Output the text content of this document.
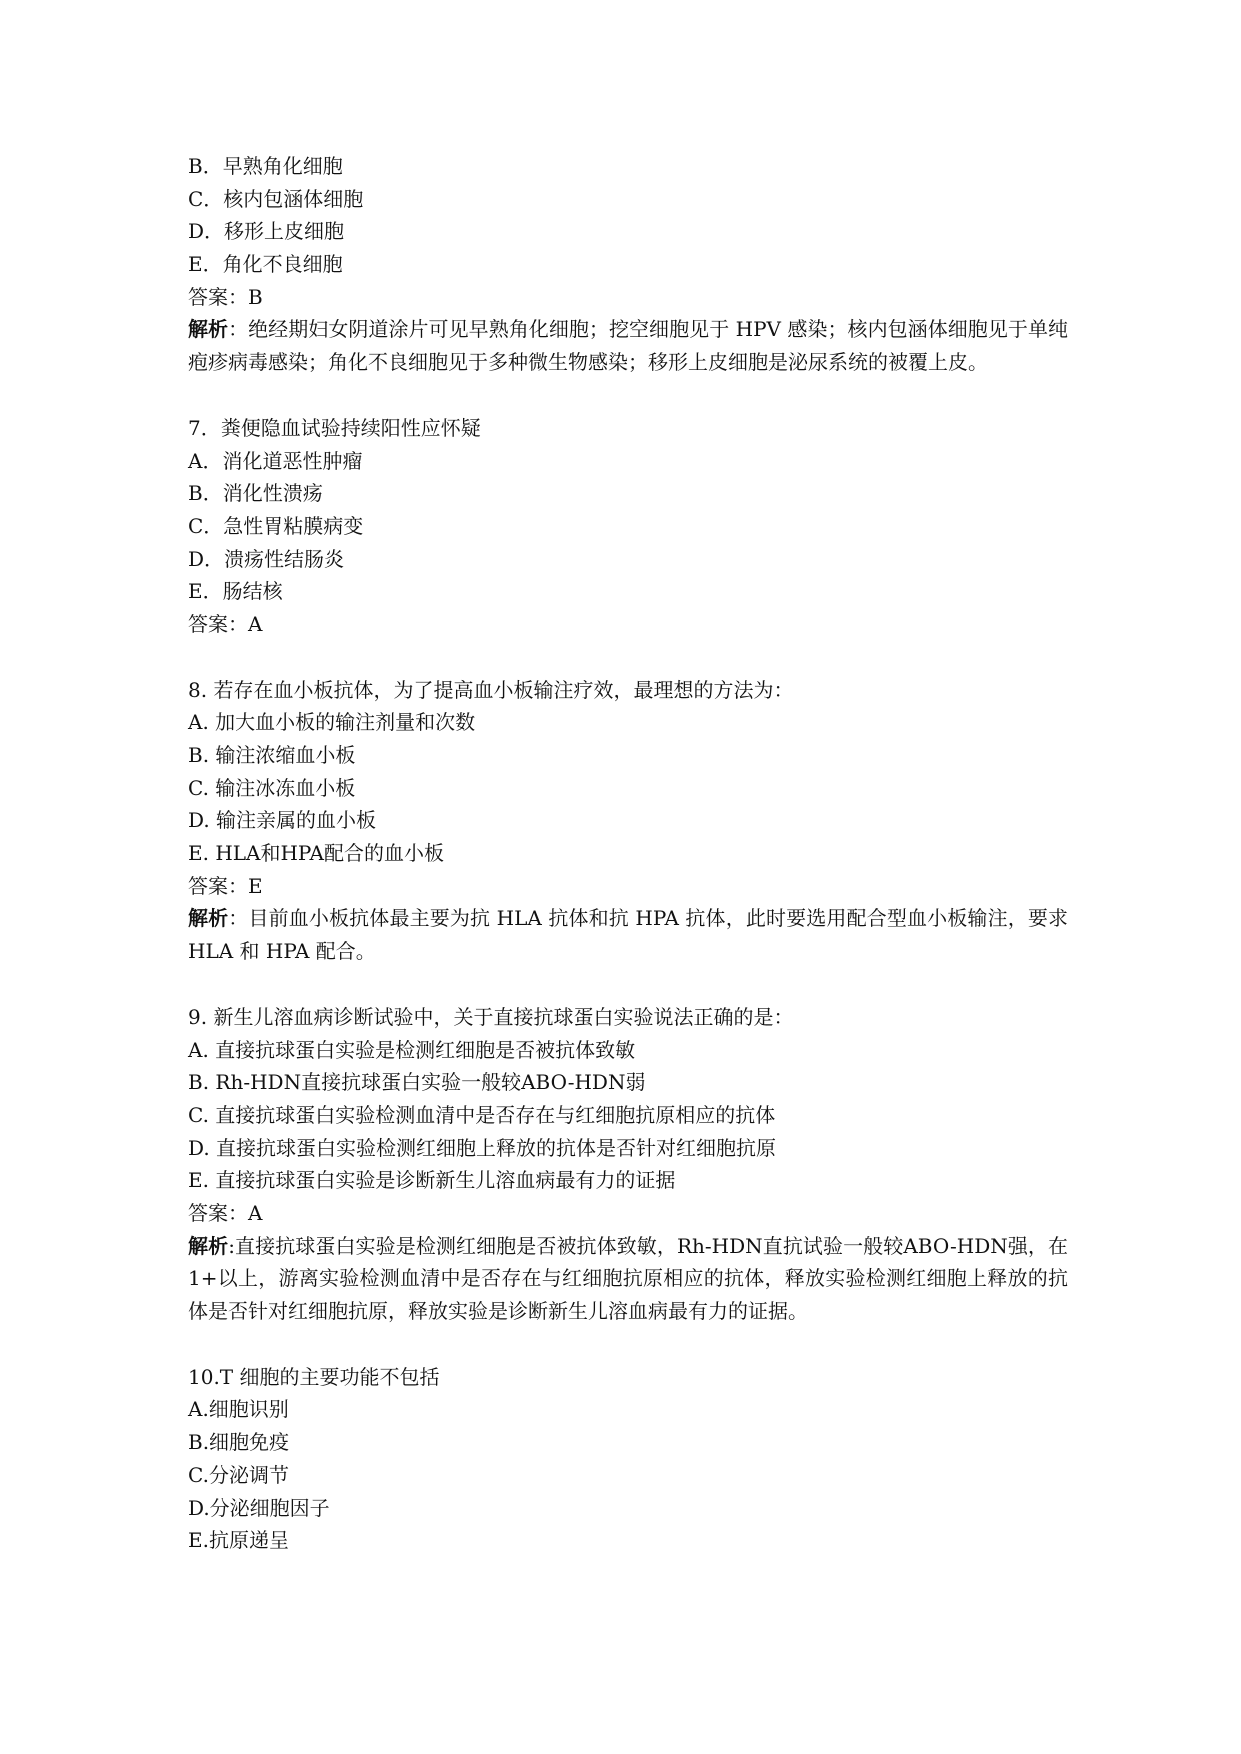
B．早熟角化细胞
C．核内包涵体细胞
D．移形上皮细胞
E．角化不良细胞
答案：B
解析：绝经期妇女阴道涂片可见早熟角化细胞；挖空细胞见于 HPV 感染；核内包涵体细胞见于单纯疱疹病毒感染；角化不良细胞见于多种微生物感染；移形上皮细胞是泌尿系统的被覆上皮。
7．粪便隐血试验持续阳性应怀疑
A．消化道恶性肿瘤
B．消化性溃疡
C．急性胃粘膜病变
D．溃疡性结肠炎
E．肠结核
答案：A
8. 若存在血小板抗体，为了提高血小板输注疗效，最理想的方法为：
A. 加大血小板的输注剂量和次数
B. 输注浓缩血小板
C. 输注冰冻血小板
D. 输注亲属的血小板
E. HLA和HPA配合的血小板
答案：E
解析：目前血小板抗体最主要为抗 HLA 抗体和抗 HPA 抗体，此时要选用配合型血小板输注，要求 HLA 和 HPA 配合。
9. 新生儿溶血病诊断试验中，关于直接抗球蛋白实验说法正确的是：
A. 直接抗球蛋白实验是检测红细胞是否被抗体致敏
B. Rh-HDN直接抗球蛋白实验一般较ABO-HDN弱
C. 直接抗球蛋白实验检测血清中是否存在与红细胞抗原相应的抗体
D. 直接抗球蛋白实验检测红细胞上释放的抗体是否针对红细胞抗原
E. 直接抗球蛋白实验是诊断新生儿溶血病最有力的证据
答案：A
解析:直接抗球蛋白实验是检测红细胞是否被抗体致敏，Rh-HDN直抗试验一般较ABO-HDN强，在1+以上，游离实验检测血清中是否存在与红细胞抗原相应的抗体，释放实验检测红细胞上释放的抗体是否针对红细胞抗原，释放实验是诊断新生儿溶血病最有力的证据。
10.T 细胞的主要功能不包括
A.细胞识别
B.细胞免疫
C.分泌调节
D.分泌细胞因子
E.抗原递呈
